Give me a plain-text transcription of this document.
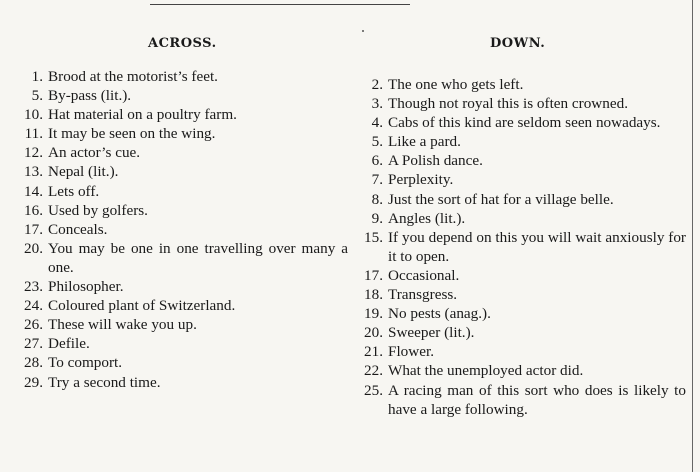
ACROSS.	DOWN.
1. Brood at the motorist’s feet.
5. By-pass (lit.).
10. Hat material on a poultry farm.
11. It may be seen on the wing.
12. An actor’s cue.
13. Nepal (lit.).
14. Lets off.
16. Used by golfers.
17. Conceals.
20. You may be one in one travelling over many a one.
23. Philosopher.
24. Coloured plant of Switzerland.
26. These will wake you up.
27. Defile.
28. To comport.
29. Try a second time.
2. The one who gets left.
3. Though not royal this is often crowned.
4. Cabs of this kind are seldom seen nowadays.
5. Like a pard.
6. A Polish dance.
7. Perplexity.
8. Just the sort of hat for a village belle.
9. Angles (lit.).
15. If you depend on this you will wait anxiously for it to open.
17. Occasional.
18. Transgress.
19. No pests (anag.).
20. Sweeper (lit.).
21. Flower.
22. What the unemployed actor did.
25. A racing man of this sort who does is likely to have a large following.
